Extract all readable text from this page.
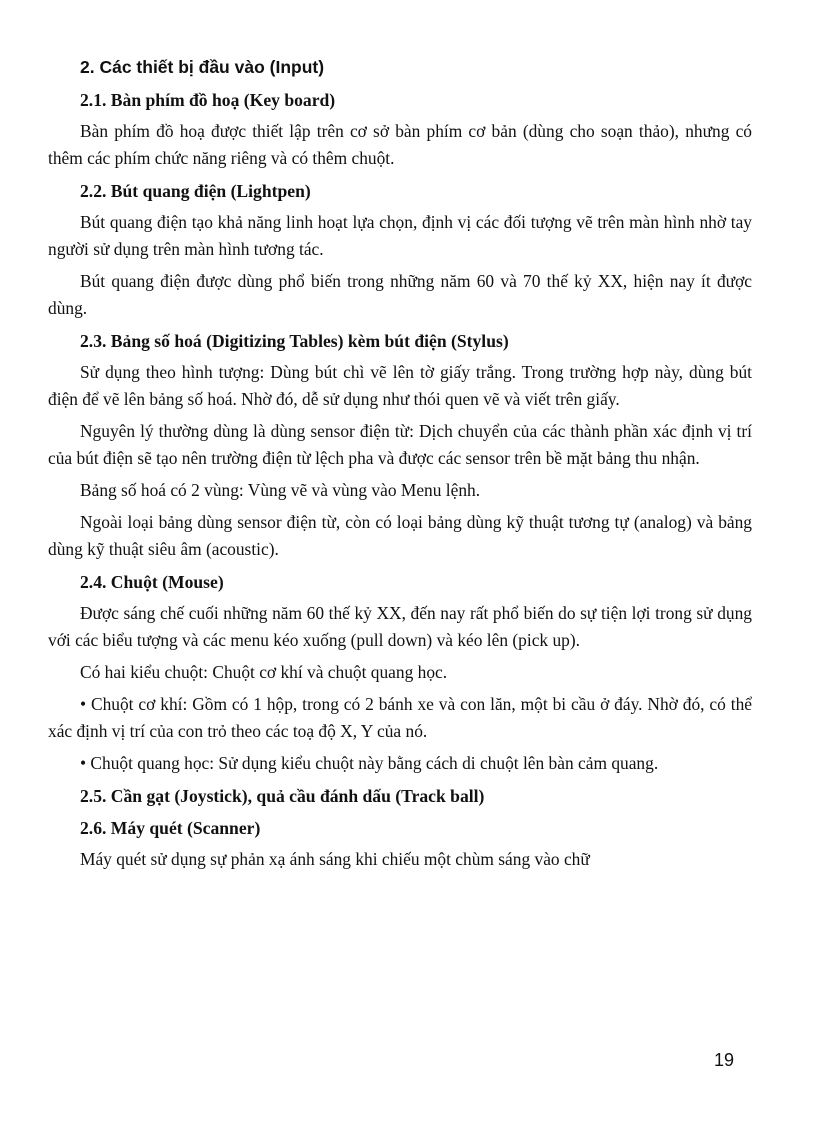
2. Các thiết bị đầu vào (Input)
2.1. Bàn phím đồ hoạ (Key board)

Bàn phím đồ hoạ được thiết lập trên cơ sở bàn phím cơ bản (dùng cho soạn thảo), nhưng có thêm các phím chức năng riêng và có thêm chuột.

2.2. Bút quang điện (Lightpen)

Bút quang điện tạo khả năng linh hoạt lựa chọn, định vị các đối tượng vẽ trên màn hình nhờ tay người sử dụng trên màn hình tương tác.

Bút quang điện được dùng phổ biến trong những năm 60 và 70 thế kỷ XX, hiện nay ít được dùng.

2.3. Bảng số hoá (Digitizing Tables) kèm bút điện (Stylus)

Sử dụng theo hình tượng: Dùng bút chì vẽ lên tờ giấy trắng. Trong trường hợp này, dùng bút điện để vẽ lên bảng số hoá. Nhờ đó, dễ sử dụng như thói quen vẽ và viết trên giấy.

Nguyên lý thường dùng là dùng sensor điện từ: Dịch chuyển của các thành phần xác định vị trí của bút điện sẽ tạo nên trường điện từ lệch pha và được các sensor trên bề mặt bảng thu nhận.

Bảng số hoá có 2 vùng: Vùng vẽ và vùng vào Menu lệnh.

Ngoài loại bảng dùng sensor điện từ, còn có loại bảng dùng kỹ thuật tương tự (analog) và bảng dùng kỹ thuật siêu âm (acoustic).

2.4. Chuột (Mouse)

Được sáng chế cuối những năm 60 thế kỷ XX, đến nay rất phổ biến do sự tiện lợi trong sử dụng với các biểu tượng và các menu kéo xuống (pull down) và kéo lên (pick up).

Có hai kiểu chuột: Chuột cơ khí và chuột quang học.

• Chuột cơ khí: Gồm có 1 hộp, trong có 2 bánh xe và con lăn, một bi cầu ở đáy. Nhờ đó, có thể xác định vị trí của con trỏ theo các toạ độ X, Y của nó.

• Chuột quang học: Sử dụng kiểu chuột này bằng cách di chuột lên bàn cảm quang.

2.5. Cần gạt (Joystick), quả cầu đánh dấu (Track ball)
2.6. Máy quét (Scanner)

Máy quét sử dụng sự phản xạ ánh sáng khi chiếu một chùm sáng vào chữ

19
